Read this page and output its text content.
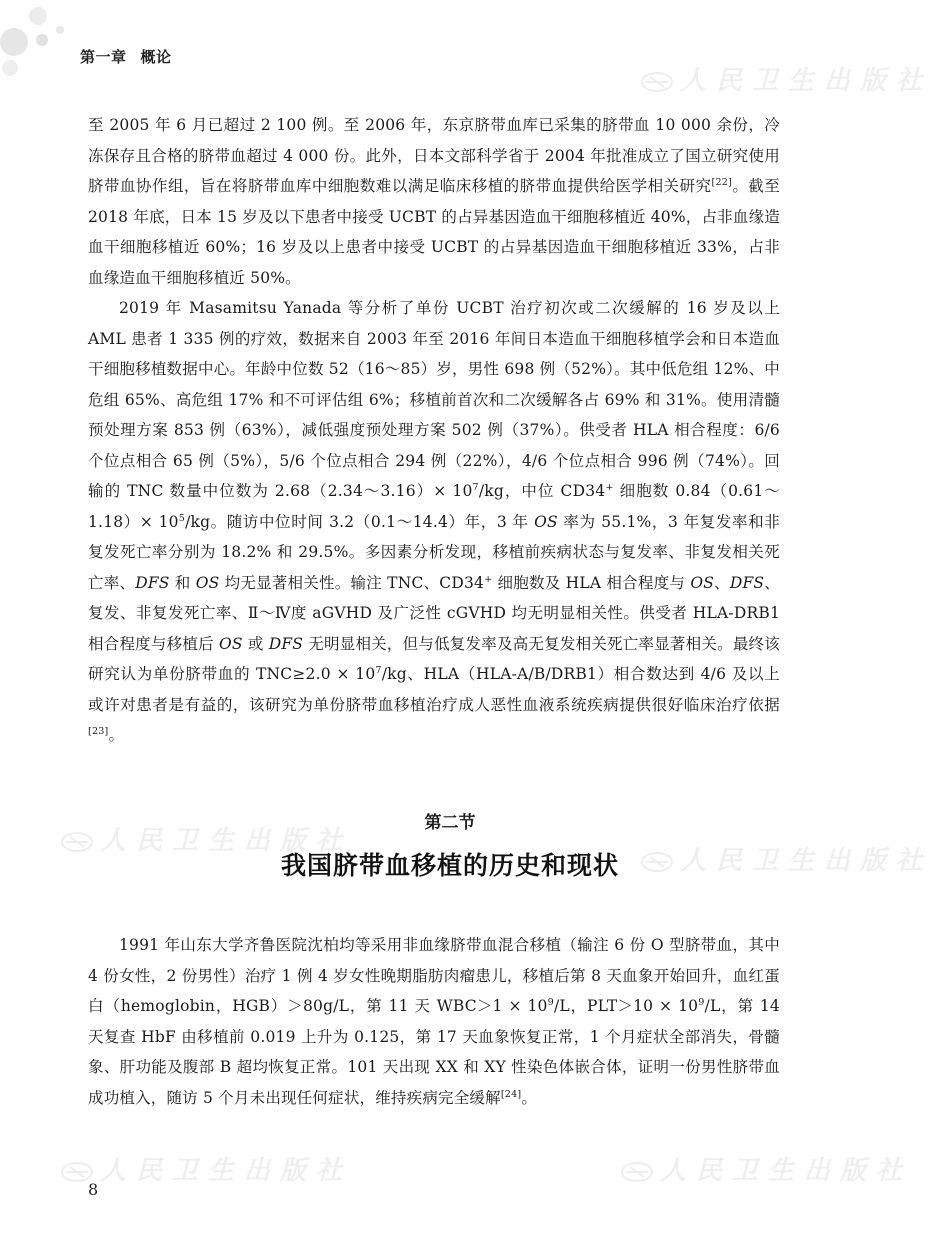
人民卫生出版社
人民卫生出版社
人民卫生出版社
人民卫生出版社	人民卫生出版社
第一章 概论

至 2005 年 6 月已超过 2 100 例。至 2006 年，东京脐带血库已采集的脐带血 10 000 余份，冷冻保存且合格的脐带血超过 4 000 份。此外，日本文部科学省于 2004 年批准成立了国立研究使用脐带血协作组，旨在将脐带血库中细胞数难以满足临床移植的脐带血提供给医学相关研究[22]。截至 2018 年底，日本 15 岁及以下患者中接受 UCBT 的占异基因造血干细胞移植近 40%，占非血缘造血干细胞移植近 60%；16 岁及以上患者中接受 UCBT 的占异基因造血干细胞移植近 33%，占非血缘造血干细胞移植近 50%。

2019 年 Masamitsu Yanada 等分析了单份 UCBT 治疗初次或二次缓解的 16 岁及以上 AML 患者 1 335 例的疗效，数据来自 2003 年至 2016 年间日本造血干细胞移植学会和日本造血干细胞移植数据中心。年龄中位数 52（16～85）岁，男性 698 例（52%）。其中低危组 12%、中危组 65%、高危组 17% 和不可评估组 6%；移植前首次和二次缓解各占 69% 和 31%。使用清髓预处理方案 853 例（63%），减低强度预处理方案 502 例（37%）。供受者 HLA 相合程度：6/6 个位点相合 65 例（5%），5/6 个位点相合 294 例（22%），4/6 个位点相合 996 例（74%）。回输的 TNC 数量中位数为 2.68（2.34～3.16）× $10^7/kg$，中位 CD34+ 细胞数 0.84（0.61～1.18）× $10^5/kg$。随访中位时间 3.2（0.1～14.4）年，3 年 OS 率为 55.1%，3 年复发率和非复发死亡率分别为 18.2% 和 29.5%。多因素分析发现，移植前疾病状态与复发率、非复发相关死亡率、DFS 和 OS 均无显著相关性。输注 TNC、CD34+ 细胞数及 HLA 相合程度与 OS、DFS、复发、非复发死亡率、Ⅱ～Ⅳ度 aGVHD 及广泛性 cGVHD 均无明显相关性。供受者 HLA-DRB1 相合程度与移植后 OS 或 DFS 无明显相关，但与低复发率及高无复发相关死亡率显著相关。最终该研究认为单份脐带血的 $TNC\ge 2.0 \times 10^7/kg$、HLA（HLA-A/B/DRB1）相合数达到 4/6 及以上或许对患者是有益的，该研究为单份脐带血移植治疗成人恶性血液系统疾病提供很好临床治疗依据[23]。

第二节
我国脐带血移植的历史和现状

1991 年山东大学齐鲁医院沈柏均等采用非血缘脐带血混合移植（输注 6 份 O 型脐带血，其中 4 份女性，2 份男性）治疗 1 例 4 岁女性晚期脂肪肉瘤患儿，移植后第 8 天血象开始回升，血红蛋白（hemoglobin，HGB）＞80g/L，第 11 天 $WBC>1 \times 10^9/L$，$PLT>10 \times 10^9/L$，第 14 天复查 HbF 由移植前 0.019 上升为 0.125，第 17 天血象恢复正常，1 个月症状全部消失，骨髓象、肝功能及腹部 B 超均恢复正常。101 天出现 XX 和 XY 性染色体嵌合体，证明一份男性脐带血成功植入，随访 5 个月未出现任何症状，维持疾病完全缓解[24]。

8
